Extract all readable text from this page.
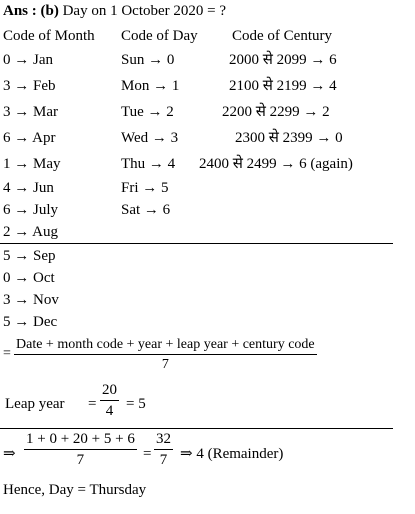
Ans : (b) Day on 1 October 2020 = ?
Code of Month Code of Day Code of Century
0 → Jan
3 → Feb
3 → Mar
6 → Apr
1 → May
4 → Jun
6 → July
2 → Aug
5 → Sep
0 → Oct
3 → Nov
5 → Dec
Sun → 0
Mon → 1
Tue → 2
Wed → 3
Thu → 4
Fri → 5
Sat → 6
2000 से 2099 → 6
2100 से 2199 → 4
2200 से 2299 → 2
2300 से 2399 → 0
2400 से 2499 → 6 (again)
=
Date + month code + year + leap year + century code
7
Leap year = $\frac{20}{4} = 5$
⇒ $\frac{1 + 0 + 20 + 5 + 6}{7} = \frac{32}{7}$ ⇒ 4 (Remainder)
Hence, Day = Thursday
